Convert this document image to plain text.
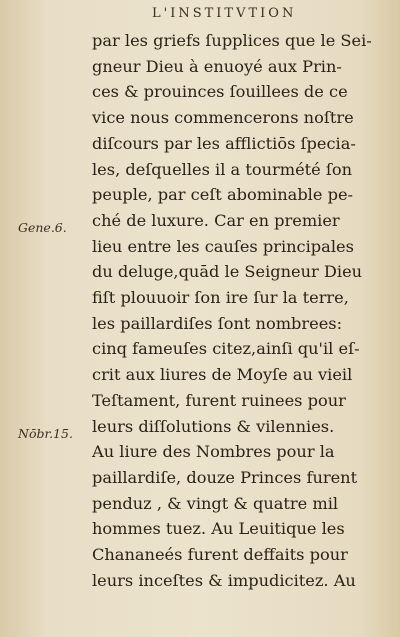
L'INSTITVTION
Gene.6.
Nōbr.15.
par les griefs ſupplices que le Sei-
gneur Dieu à enuoyé aux Prin-
ces & prouinces ſouillees de ce
vice nous commencerons noſtre
diſcours par les afflictiōs ſpecia-
les, deſquelles il a tourmété ſon
peuple, par ceſt abominable pe-
ché de luxure. Car en premier
lieu entre les cauſes principales
du deluge,quād le Seigneur Dieu
fiſt plouuoir ſon ire ſur la terre,
les paillardiſes ſont nombrees:
cinq fameuſes citez,ainſi qu'il eſ-
crit aux liures de Moyſe au vieil
Teſtament, furent ruinees pour
leurs diſſolutions & vilennies.
Au liure des Nombres pour la
paillardiſe, douze Princes furent
penduz , & vingt & quatre mil
hommes tuez. Au Leuitique les
Chananeés furent deffaits pour
leurs inceſtes & impudicitez. Au
